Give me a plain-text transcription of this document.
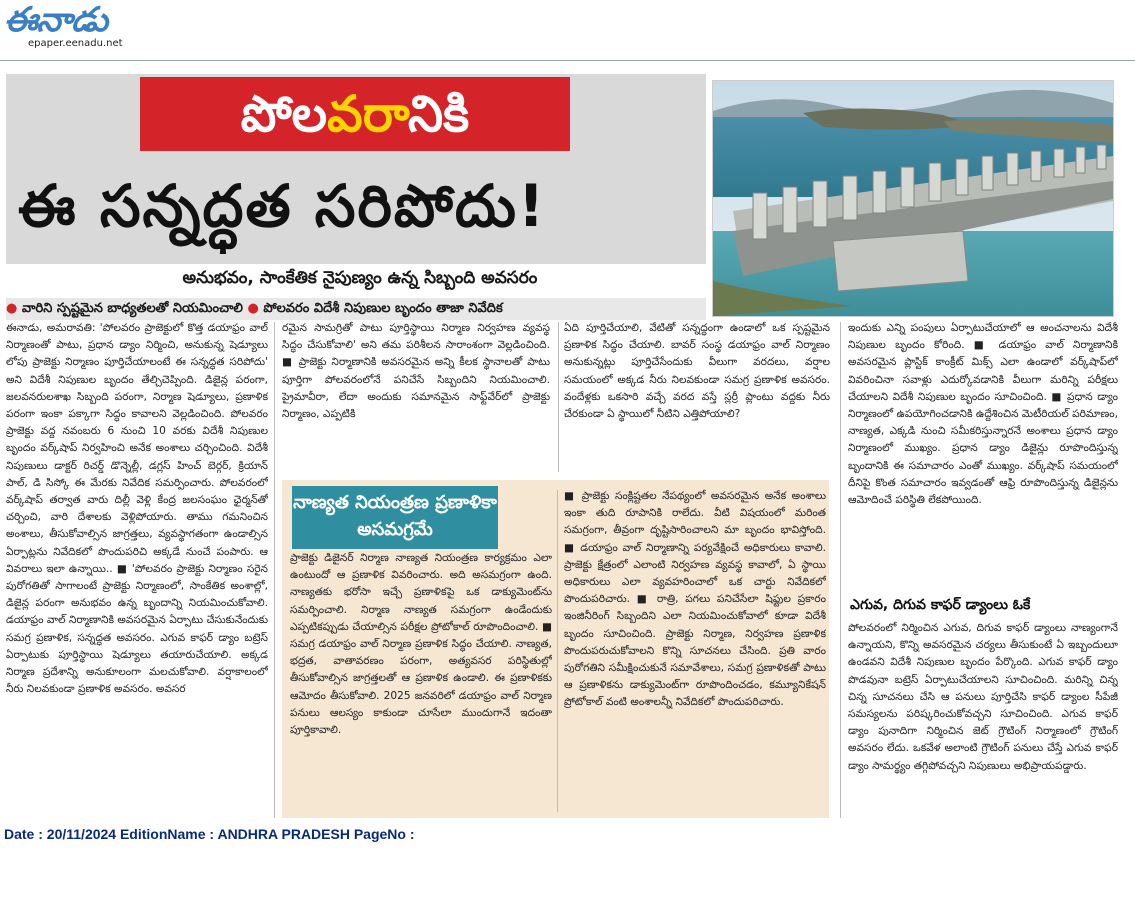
ఈనాడు
epaper.eenadu.net
పోలవరానికి
ఈ సన్నద్ధత సరిపోదు!
అనుభవం, సాంకేతిక నైపుణ్యం ఉన్న సిబ్బంది అవసరం
● వారిని స్పష్టమైన బాధ్యతలతో నియమించాలి ● పోలవరం విదేశీ నిపుణుల బృందం తాజా నివేదిక

ఈనాడు, అమరావతి: 'పోలవరం ప్రాజెక్టులో కొత్త డయాఫ్రం వాల్ నిర్మాణంతో పాటు, ప్రధాన డ్యాం నిర్మించి, అనుకున్న షెడ్యూలు లోపు ప్రాజెక్టు నిర్మాణం పూర్తిచేయాలంటే ఈ సన్నద్ధత సరిపోదు' అని విదేశీ నిపుణుల బృందం తేల్చిచెప్పింది. డిజైన్ల పరంగా, జలవనరులశాఖ సిబ్బంది పరంగా, నిర్మాణ షెడ్యూలు, ప్రణాళిక పరంగా ఇంకా పక్కాగా సిద్ధం కావాలని వెల్లడించింది. పోలవరం ప్రాజెక్టు వద్ద నవంబరు 6 నుంచి 10 వరకు విదేశీ నిపుణుల బృందం వర్క్‌షాప్ నిర్వహించి అనేక అంశాలు చర్చించింది. విదేశీ నిపుణులు డాక్టర్ రిచర్డ్ డొన్నెల్లీ, డగ్లస్ హించ్ బెర్గర్, క్రియాన్ పాల్, డి సిస్కో ఈ మేరకు నివేదిక సమర్పించారు. పోలవరంలో వర్క్‌షాప్ తర్వాత వారు దిల్లీ వెళ్లి కేంద్ర జలసంఘం ఛైర్మన్‌తో చర్చించి, వారి దేశాలకు వెళ్లిపోయారు. తాము గమనించిన అంశాలు, తీసుకోవాల్సిన జాగ్రత్తలు, వ్యవస్థాగతంగా ఉండాల్సిన ఏర్పాట్లను నివేదికలో పొందుపరిచి అక్కడే నుంచే పంపారు. ఆ వివరాలు ఇలా ఉన్నాయి.. ■ 'పోలవరం ప్రాజెక్టు నిర్మాణం సరైన పురోగతితో సాగాలంటే ప్రాజెక్టు నిర్మాణంలో, సాంకేతిక అంశాల్లో, డిజైన్ల పరంగా అనుభవం ఉన్న బృందాన్ని నియమించుకోవాలి. డయాఫ్రం వాల్ నిర్మాణానికి అవసరమైన ఏర్పాటు చేసుకునేందుకు సమగ్ర ప్రణాళిక, సన్నద్ధత అవసరం. ఎగువ కాఫర్ డ్యాం బట్రెస్ ఏర్పాటుకు పూర్తిస్థాయి షెడ్యూలు తయారుచేయాలి. అక్కడ నిర్మాణ ప్రదేశాన్ని అనుకూలంగా మలచుకోవాలి. వర్షాకాలంలో నీరు నిలవకుండా ప్రణాళిక అవసరం. అవసర

రమైన సామగ్రితో పాటు పూర్తిస్థాయి నిర్మాణ నిర్వహణ వ్యవస్థ సిద్ధం చేసుకోవాలి' అని తమ పరిశీలన సారాంశంగా వెల్లడించింది. ■ ప్రాజెక్టు నిర్మాణానికి అవసరమైన అన్ని కీలక స్థానాలతో పాటు పూర్తిగా పోలవరంలోనే పనిచేసే సిబ్బందిని నియమించాలి. ప్రైమావీరా, లేదా అందుకు సమానమైన సాఫ్ట్‌వేర్‌లో ప్రాజెక్టు నిర్మాణం, ఎప్పటికి

ఏది పూర్తిచేయాలి, వేటితో సన్నద్ధంగా ఉండాలో ఒక స్పష్టమైన ప్రణాళిక సిద్ధం చేయాలి. బావర్ సంస్థ డయాఫ్రం వాల్ నిర్మాణం అనుకున్నట్లు పూర్తిచేసేందుకు వీలుగా వరదలు, వర్షాల సమయంలో అక్కడ నీరు నిలవకుండా సమగ్ర ప్రణాళిక అవసరం. వందేళ్లకు ఒకసారి వచ్చే వరద వస్తే స్లర్రీ ప్లాంటు వద్దకు నీరు చేరకుండా ఏ స్థాయిలో నీటిని ఎత్తిపోయాలి?

నాణ్యత నియంత్రణ ప్రణాళికా అసమగ్రమే

ప్రాజెక్టు డిజైనర్ నిర్మాణ నాణ్యత నియంత్రణ కార్యక్రమం ఎలా ఉంటుందో ఆ ప్రణాళిక వివరించారు. అది అసమగ్రంగా ఉంది. నాణ్యతకు భరోసా ఇచ్చే ప్రణాళికపై ఒక డాక్యుమెంట్‌ను సమర్పించాలి. నిర్మాణ నాణ్యత సమగ్రంగా ఉండేందుకు ఎప్పటికప్పుడు చేయాల్సిన పరీక్షల ప్రోటోకాల్ రూపొందించాలి. ■ సమగ్ర డయాఫ్రం వాల్ నిర్మాణ ప్రణాళిక సిద్ధం చేయాలి. నాణ్యత, భద్రత, వాతావరణం పరంగా, అత్యవసర పరిస్థితుల్లో తీసుకోవాల్సిన జాగ్రత్తలతో ఆ ప్రణాళిక ఉండాలి. ఈ ప్రణాళికకు ఆమోదం తీసుకోవాలి. 2025 జనవరిలో డయాఫ్రం వాల్ నిర్మాణ పనులు ఆలస్యం కాకుండా చూసేలా ముందుగానే ఇదంతా పూర్తికావాలి.

■ ప్రాజెక్టు సంక్లిష్టతల నేపథ్యంలో అవసరమైన అనేక అంశాలు ఇంకా తుది రూపానికి రాలేదు. వీటి విషయంలో మరింత సమగ్రంగా, తీవ్రంగా దృష్టిసారించాలని మా బృందం భావిస్తోంది. ■ డయాఫ్రం వాల్ నిర్మాణాన్ని పర్యవేక్షించే అధికారులు కావాలి. ప్రాజెక్టు క్షేత్రంలో ఎలాంటి నిర్వహణ వ్యవస్థ కావాలో, ఏ స్థాయి అధికారులు ఎలా వ్యవహరించాలో ఒక చార్టు నివేదికలో పొందుపరిచారు. ■ రాత్రి, పగలు పనిచేసేలా షిఫ్టుల ప్రకారం ఇంజినీరింగ్ సిబ్బందిని ఎలా నియమించుకోవాలో కూడా విదేశీ బృందం సూచించింది. ప్రాజెక్టు నిర్మాణ, నిర్వహణ ప్రణాళిక పొందుపరుచుకోవాలని కొన్ని సూచనలు చేసింది. ప్రతి వారం పురోగతిని సమీక్షించుకునే సమావేశాలు, సమగ్ర ప్రణాళికతో పాటు ఆ ప్రణాళికను డాక్యుమెంట్‌గా రూపొందించడం, కమ్యూనికేషన్ ప్రోటోకాల్ వంటి అంశాలన్నీ నివేదికలో పొందుపరిచారు.

ఇందుకు ఎన్ని పంపులు ఏర్పాటుచేయాలో ఆ అంచనాలను విదేశీ నిపుణుల బృందం కోరింది. ■ డయాఫ్రం వాల్ నిర్మాణానికి అవసరమైన ప్లాస్టిక్ కాంక్రీట్ మిక్స్ ఎలా ఉండాలో వర్క్‌షాప్‌లో వివరించినా సవాళ్లు ఎదుర్కోవడానికి వీలుగా మరిన్ని పరీక్షలు చేయాలని విదేశీ నిపుణుల బృందం సూచించింది. ■ ప్రధాన డ్యాం నిర్మాణంలో ఉపయోగించడానికి ఉద్దేశించిన మెటీరియల్ పరిమాణం, నాణ్యత, ఎక్కడి నుంచి సమీకరిస్తున్నారనే అంశాలు ప్రధాన డ్యాం నిర్మాణంలో ముఖ్యం. ప్రధాన డ్యాం డిజైన్లు రూపొందిస్తున్న బృందానికి ఈ సమాచారం ఎంతో ముఖ్యం. వర్క్‌షాప్ సమయంలో దీనిపై కొంత సమాచారం ఇవ్వడంతో ఆఫ్రి రూపొందిస్తున్న డిజైన్లను ఆమోదించే పరిస్థితి లేకపోయింది.

ఎగువ, దిగువ కాఫర్ డ్యాంలు ఓకే

పోలవరంలో నిర్మించిన ఎగువ, దిగువ కాఫర్ డ్యాంలు నాణ్యంగానే ఉన్నాయని, కొన్ని అవసరమైన చర్యలు తీసుకుంటే ఏ ఇబ్బందులూ ఉండవని విదేశీ నిపుణుల బృందం పేర్కొంది. ఎగువ కాఫర్ డ్యాం పొడవునా బట్రెస్ ఏర్పాటుచేయాలని సూచించింది. మరిన్ని చిన్న చిన్న సూచనలు చేసి ఆ పనులు పూర్తిచేసి కాఫర్ డ్యాంల సీపేజీ సమస్యలను పరిష్కరించుకోవచ్చని సూచించింది. ఎగువ కాఫర్ డ్యాం పునాదిగా నిర్మించిన జెట్ గ్రౌటింగ్ నిర్మాణంలో గ్రౌటింగ్ అవసరం లేదు. ఒకవేళ అలాంటి గ్రౌటింగ్ పనులు చేస్తే ఎగువ కాఫర్ డ్యాం సామర్థ్యం తగ్గిపోవచ్చని నిపుణులు అభిప్రాయపడ్డారు.

Date : 20/11/2024 EditionName : ANDHRA PRADESH PageNo :
